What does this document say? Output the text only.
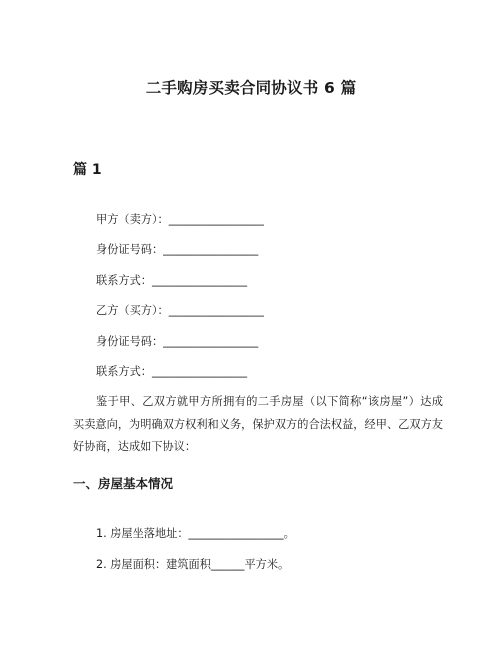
二手购房买卖合同协议书 6 篇
篇 1
甲方（卖方）：_________________
身份证号码：_________________
联系方式：_________________
乙方（买方）：_________________
身份证号码：_________________
联系方式：_________________
鉴于甲、乙双方就甲方所拥有的二手房屋（以下简称“该房屋”）达成买卖意向，为明确双方权利和义务，保护双方的合法权益，经甲、乙双方友好协商，达成如下协议：
一、房屋基本情况
1. 房屋坐落地址：_________________。
2. 房屋面积：建筑面积______平方米。
